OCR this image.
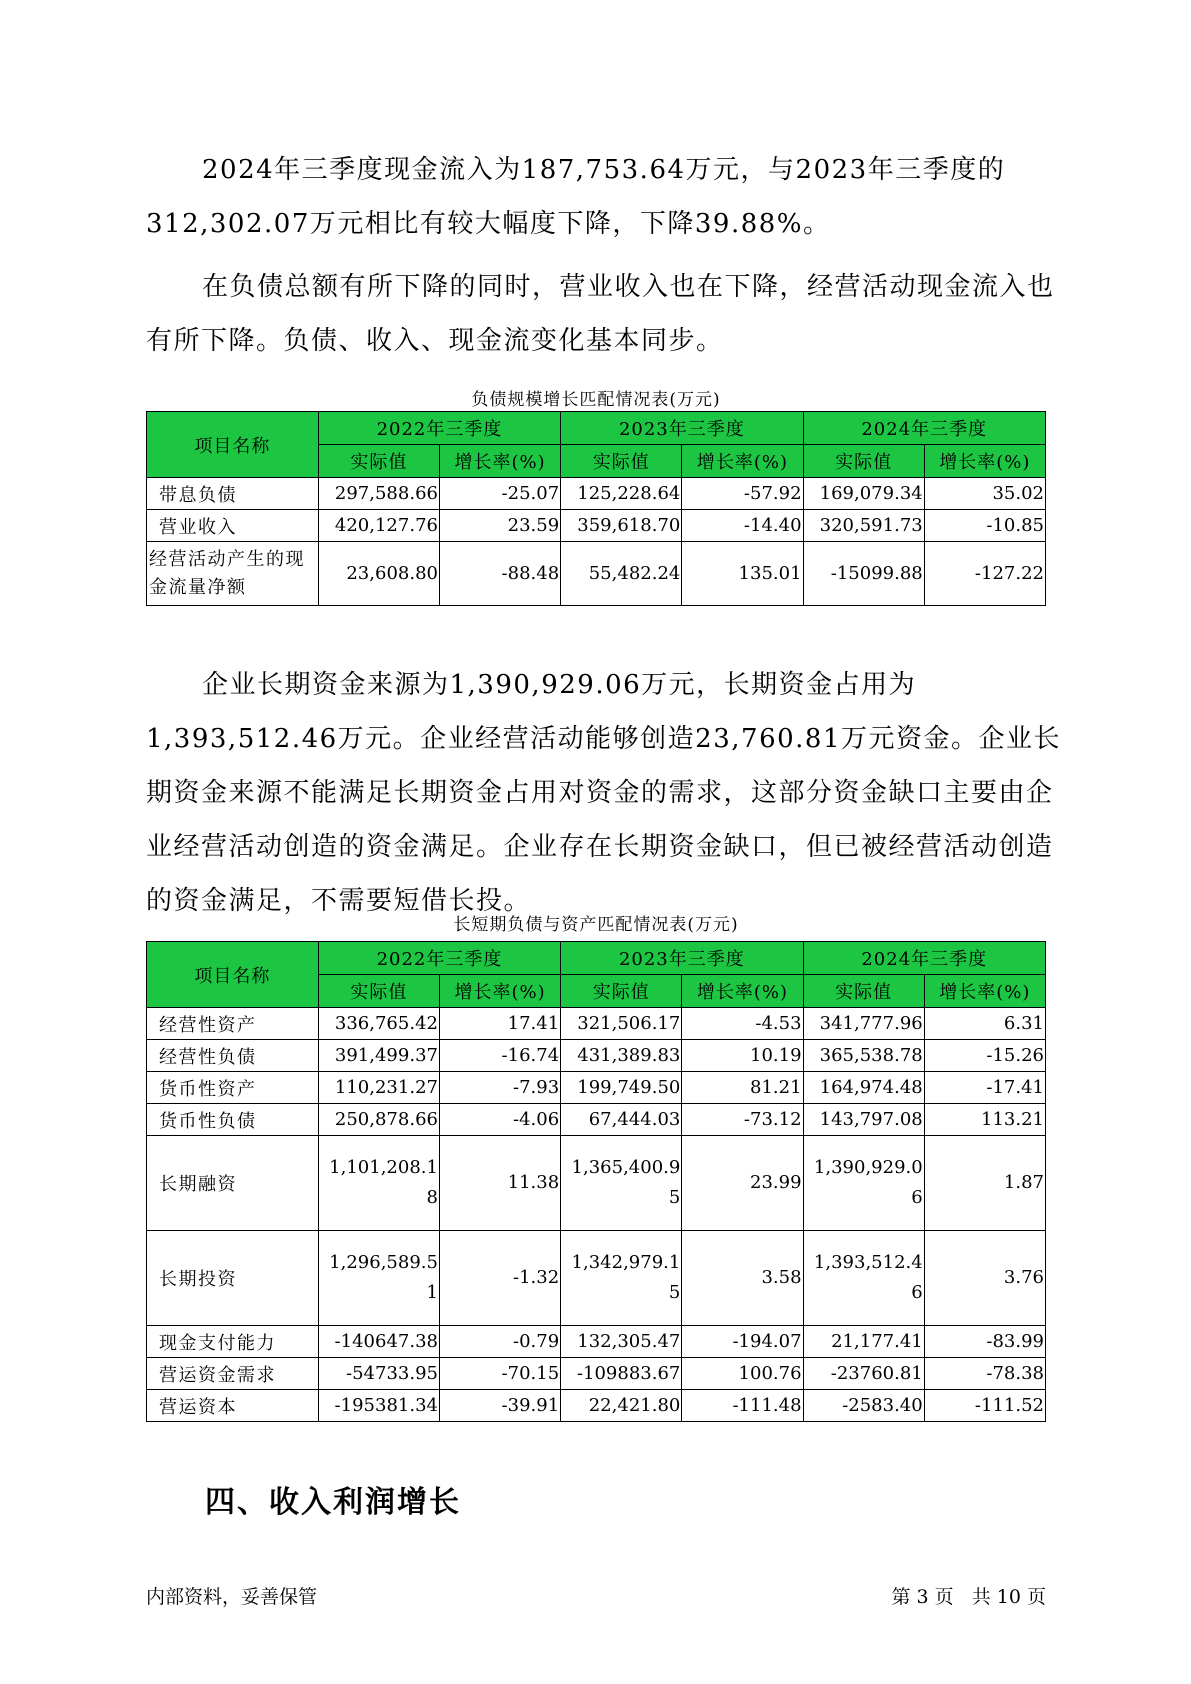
2024年三季度现金流入为187,753.64万元，与2023年三季度的312,302.07万元相比有较大幅度下降，下降39.88%。

在负债总额有所下降的同时，营业收入也在下降，经营活动现金流入也有所下降。负债、收入、现金流变化基本同步。

负债规模增长匹配情况表(万元)
项目名称	2022年三季度		2023年三季度		2024年三季度	
	实际值	增长率(%)	实际值	增长率(%)	实际值	增长率(%)
带息负债	297,588.66	-25.07	125,228.64	-57.92	169,079.34	35.02
营业收入	420,127.76	23.59	359,618.70	-14.40	320,591.73	-10.85
经营活动产生的现金流量净额	23,608.80	-88.48	55,482.24	135.01	-15099.88	-127.22

企业长期资金来源为1,390,929.06万元，长期资金占用为1,393,512.46万元。企业经营活动能够创造23,760.81万元资金。企业长期资金来源不能满足长期资金占用对资金的需求，这部分资金缺口主要由企业经营活动创造的资金满足。企业存在长期资金缺口，但已被经营活动创造的资金满足，不需要短借长投。

长短期负债与资产匹配情况表(万元)
项目名称	2022年三季度		2023年三季度		2024年三季度	
	实际值	增长率(%)	实际值	增长率(%)	实际值	增长率(%)
经营性资产	336,765.42	17.41	321,506.17	-4.53	341,777.96	6.31
经营性负债	391,499.37	-16.74	431,389.83	10.19	365,538.78	-15.26
货币性资产	110,231.27	-7.93	199,749.50	81.21	164,974.48	-17.41
货币性负债	250,878.66	-4.06	67,444.03	-73.12	143,797.08	113.21
长期融资	1,101,208.18	11.38	1,365,400.95	23.99	1,390,929.06	1.87
长期投资	1,296,589.51	-1.32	1,342,979.15	3.58	1,393,512.46	3.76
现金支付能力	-140647.38	-0.79	132,305.47	-194.07	21,177.41	-83.99
营运资金需求	-54733.95	-70.15	-109883.67	100.76	-23760.81	-78.38
营运资本	-195381.34	-39.91	22,421.80	-111.48	-2583.40	-111.52
四、收入利润增长
内部资料，妥善保管	第 3 页   共 10 页
